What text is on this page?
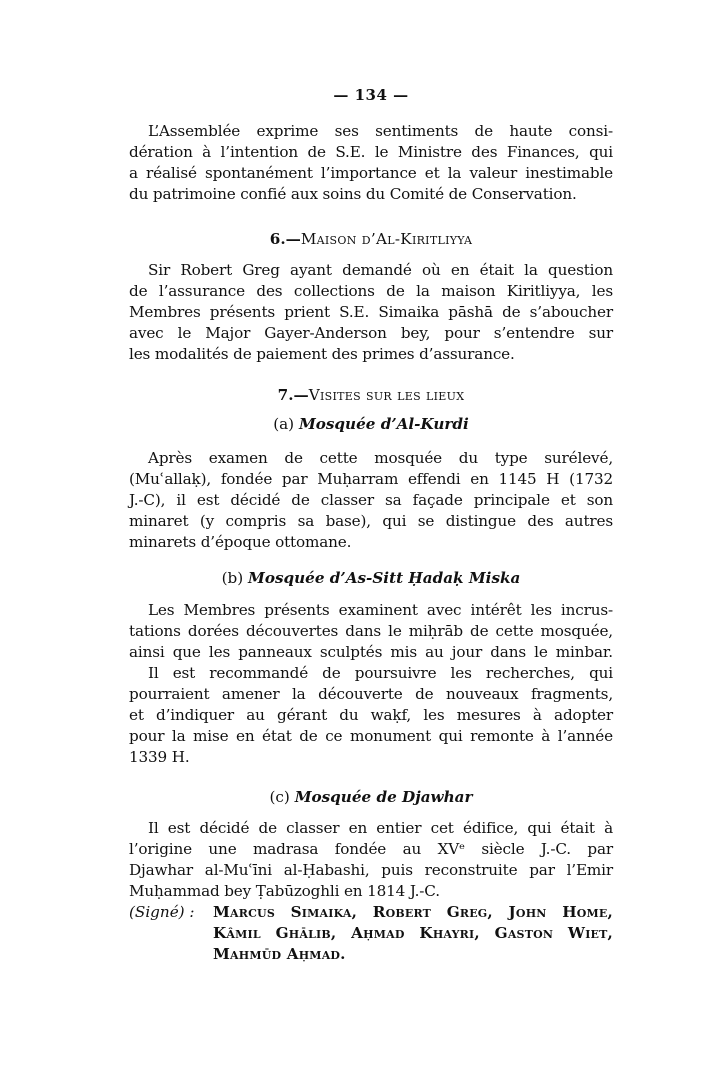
— 134 —
L’Assemblée exprime ses sentiments de haute consi-
dération à l’intention de S.E. le Ministre des Finances, qui
a réalisé spontanément l’importance et la valeur inestimable
du patrimoine confié aux soins du Comité de Conservation.
6.—Maison d’Al-Kiritliyya
Sir Robert Greg ayant demandé où en était la question
de l’assurance des collections de la maison Kiritliyya, les
Membres présents prient S.E. Simaika pāshā de s’aboucher
avec le Major Gayer-Anderson bey, pour s’entendre sur
les modalités de paiement des primes d’assurance.
7.—Visites sur les lieux
(a) Mosquée d’Al-Kurdi
Après examen de cette mosquée du type surélevé,
(Muʿallaḳ), fondée par Muḥarram effendi en 1145 H (1732
J.-C), il est décidé de classer sa façade principale et son
minaret (y compris sa base), qui se distingue des autres
minarets d’époque ottomane.
(b) Mosquée d’As-Sitt Ḥadaḳ Miska
Les Membres présents examinent avec intérêt les incrus-
tations dorées découvertes dans le miḥrāb de cette mosquée,
ainsi que les panneaux sculptés mis au jour dans le minbar.
Il est recommandé de poursuivre les recherches, qui
pourraient amener la découverte de nouveaux fragments,
et d’indiquer au gérant du waḳf, les mesures à adopter
pour la mise en état de ce monument qui remonte à l’année
1339 H.
(c) Mosquée de Djawhar
Il est décidé de classer en entier cet édifice, qui était à
l’origine une madrasa fondée au XVᵉ siècle J.-C. par
Djawhar al-Muʿīni al-Ḥabashi, puis reconstruite par l’Emir
Muḥammad bey Ṭabūzoghli en 1814 J.-C.
(Signé) : Marcus Simaika, Robert Greg, John Home,
Kâmil Ghālib, Aḥmad Khayri, Gaston Wiet,
Mahmūd Aḥmad.
